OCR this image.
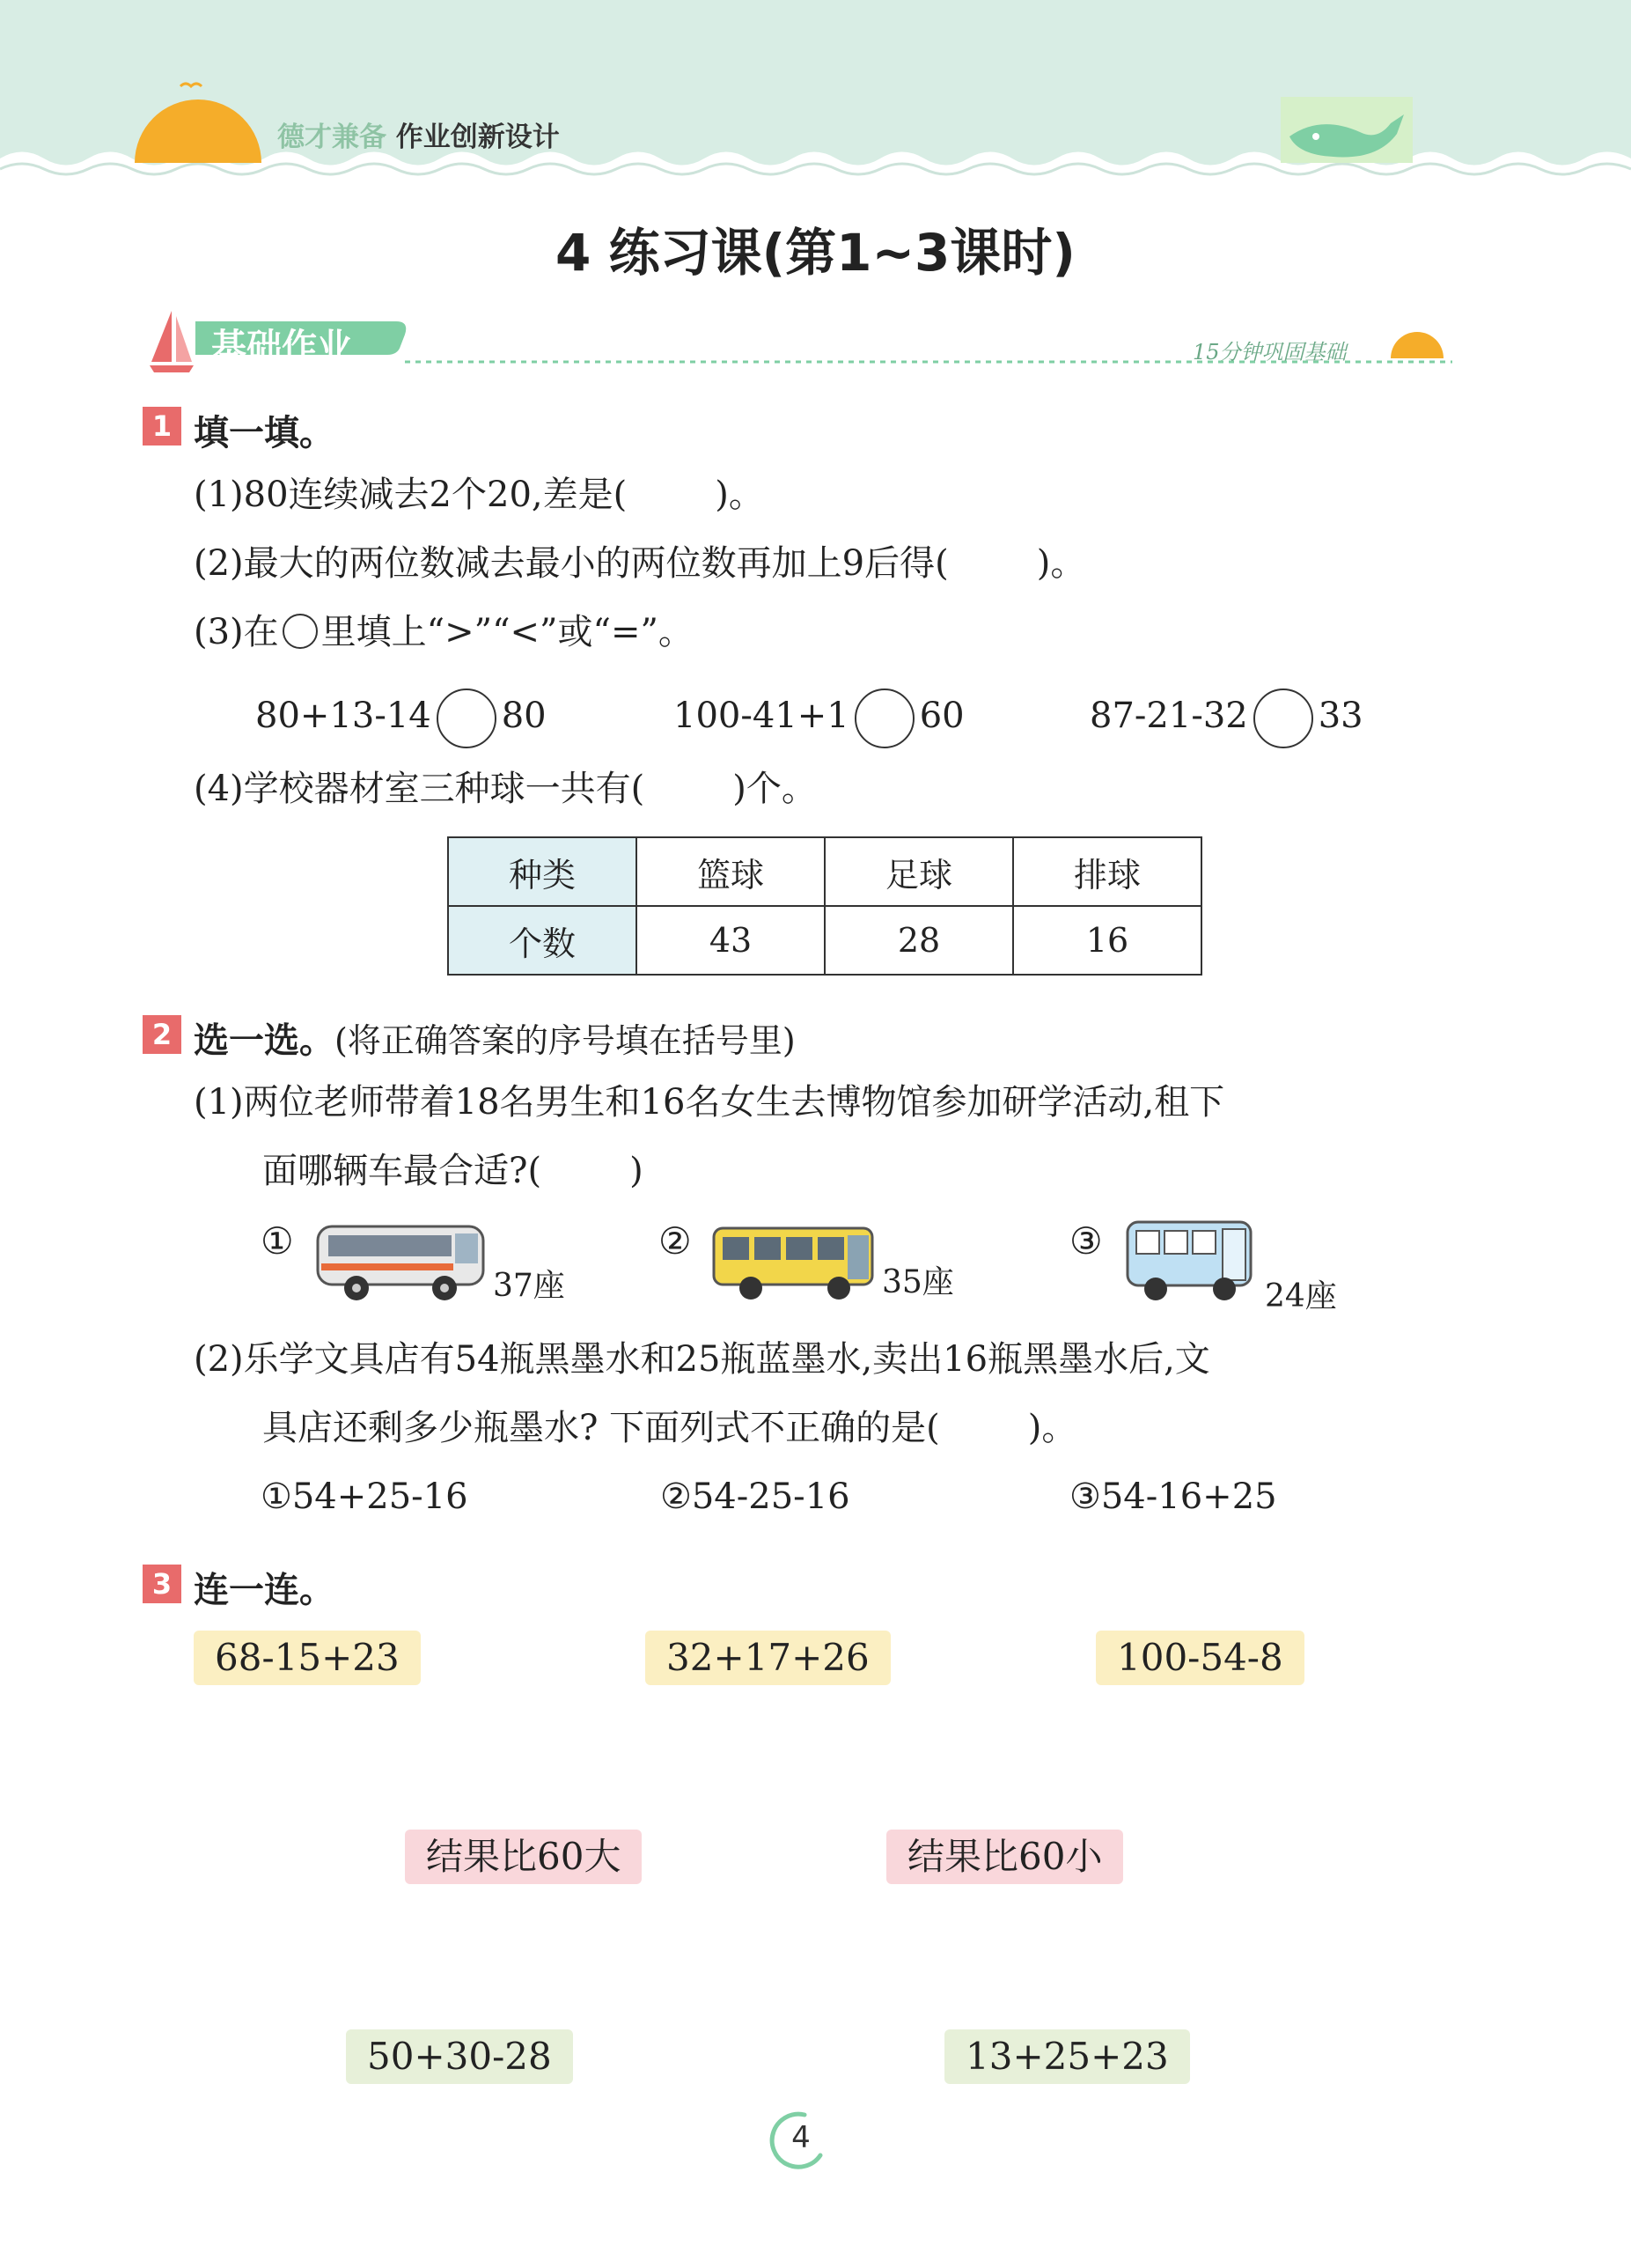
德才兼备 作业创新设计
4 练习课(第1~3课时)
基础作业	15分钟巩固基础
1 填一填。
(1)80连续减去2个20,差是(	)。
(2)最大的两位数减去最小的两位数再加上9后得(	)。
(3)在 里填上“>”“<”或“=”。
80+13-14 80	100-41+1 60	87-21-32 33
(4)学校器材室三种球一共有(	)个。
种类	篮球	足球	排球
个数	43	28	16
2 选一选。(将正确答案的序号填在括号里)
(1)两位老师带着18名男生和16名女生去博物馆参加研学活动,租下
面哪辆车最合适?(	)
①
37座
②
35座
③
24座
(2)乐学文具店有54瓶黑墨水和25瓶蓝墨水,卖出16瓶黑墨水后,文
具店还剩多少瓶墨水? 下面列式不正确的是(	)。
①54+25-16	②54-25-16	③54-16+25
3 连一连。
68-15+23	32+17+26	100-54-8
结果比60大	结果比60小
50+30-28	13+25+23
4
